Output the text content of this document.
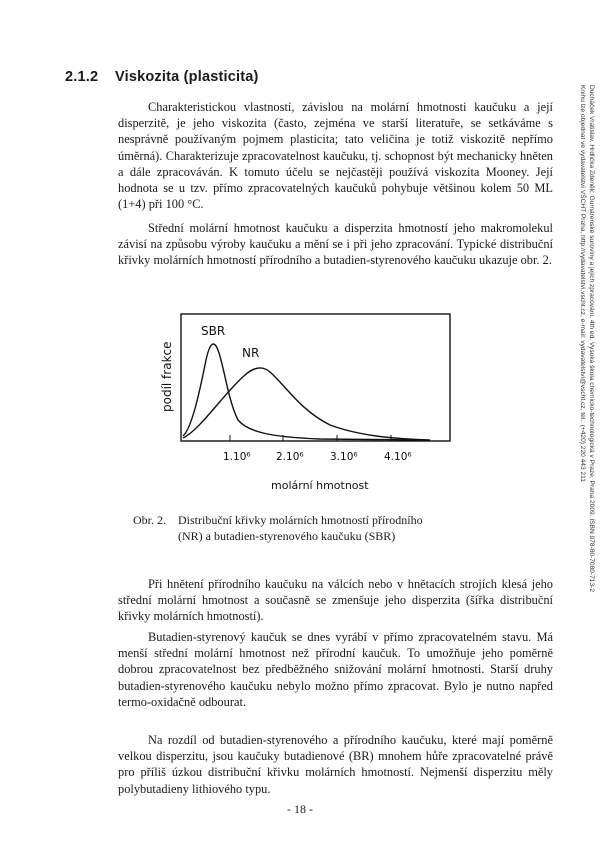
2.1.2 Viskozita (plasticita)

Charakteristickou vlastností, závislou na molární hmotnosti kaučuku a její disperzitě, je jeho viskozita (často, zejména ve starší literatuře, se setkáváme s nesprávně používaným pojmem plasticita; tato veličina je totiž viskozitě nepřímo úměrná). Charakterizuje zpracovatelnost kaučuku, tj. schopnost být mechanicky hněten a dále zpracováván. K tomuto účelu se nejčastěji používá viskozita Mooney. Její hodnota se u tzv. přímo zpracovatelných kaučuků pohybuje většinou kolem 50 ML (1+4) při 100 °C.

Střední molární hmotnost kaučuku a disperzita hmotností jeho makromolekul závisí na způsobu výroby kaučuku a mění se i při jeho zpracování. Typické distribuční křivky molárních hmotností přírodního a butadien-styrenového kaučuku ukazuje obr. 2.

SBR
NR
podíl frakce
1.10⁶ 2.10⁶	3.10⁶	4.10⁶
molární hmotnost
Obr. 2. Distribuční křivky molárních hmotností přírodního (NR) a butadien-styrenového kaučuku (SBR)

Při hnětení přírodního kaučuku na válcích nebo v hnětacích strojích klesá jeho střední molární hmotnost a současně se zmenšuje jeho disperzita (šířka distribuční křivky molárních hmotností).

Butadien-styrenový kaučuk se dnes vyrábí v přímo zpracovatelném stavu. Má menší střední molární hmotnost než přírodní kaučuk. To umožňuje jeho poměrně dobrou zpracovatelnost bez předběžného snižování molární hmotnosti. Starší druhy butadien-styrenového kaučuku nebylo možno přímo zpracovat. Bylo je nutno napřed termo-oxidačně odbourat.

Na rozdíl od butadien-styrenového a přírodního kaučuku, které mají poměrně velkou disperzitu, jsou kaučuky butadienové (BR) mnohem hůře zpracovatelné právě pro příliš úzkou distribuční křivku molárních hmotností. Nejmenší disperzitu měly polybutadieny lithiového typu.

Ducháček Vratislav, Hrdlička Zdeněk: Gumárenské suroviny a jejich zpracování. 4th ed. Vysoká škola chemicko-technologická v Praze, Praha 2009. ISBN 978-80-7080-713-2
Knihu lze objednat ve vydavatelství VŠCHT Praha, http://vydavatelstvi.vscht.cz, e-mail: vydavatelstvi@vscht.cz, tel.: (+420) 220 443 211
- 18 -
